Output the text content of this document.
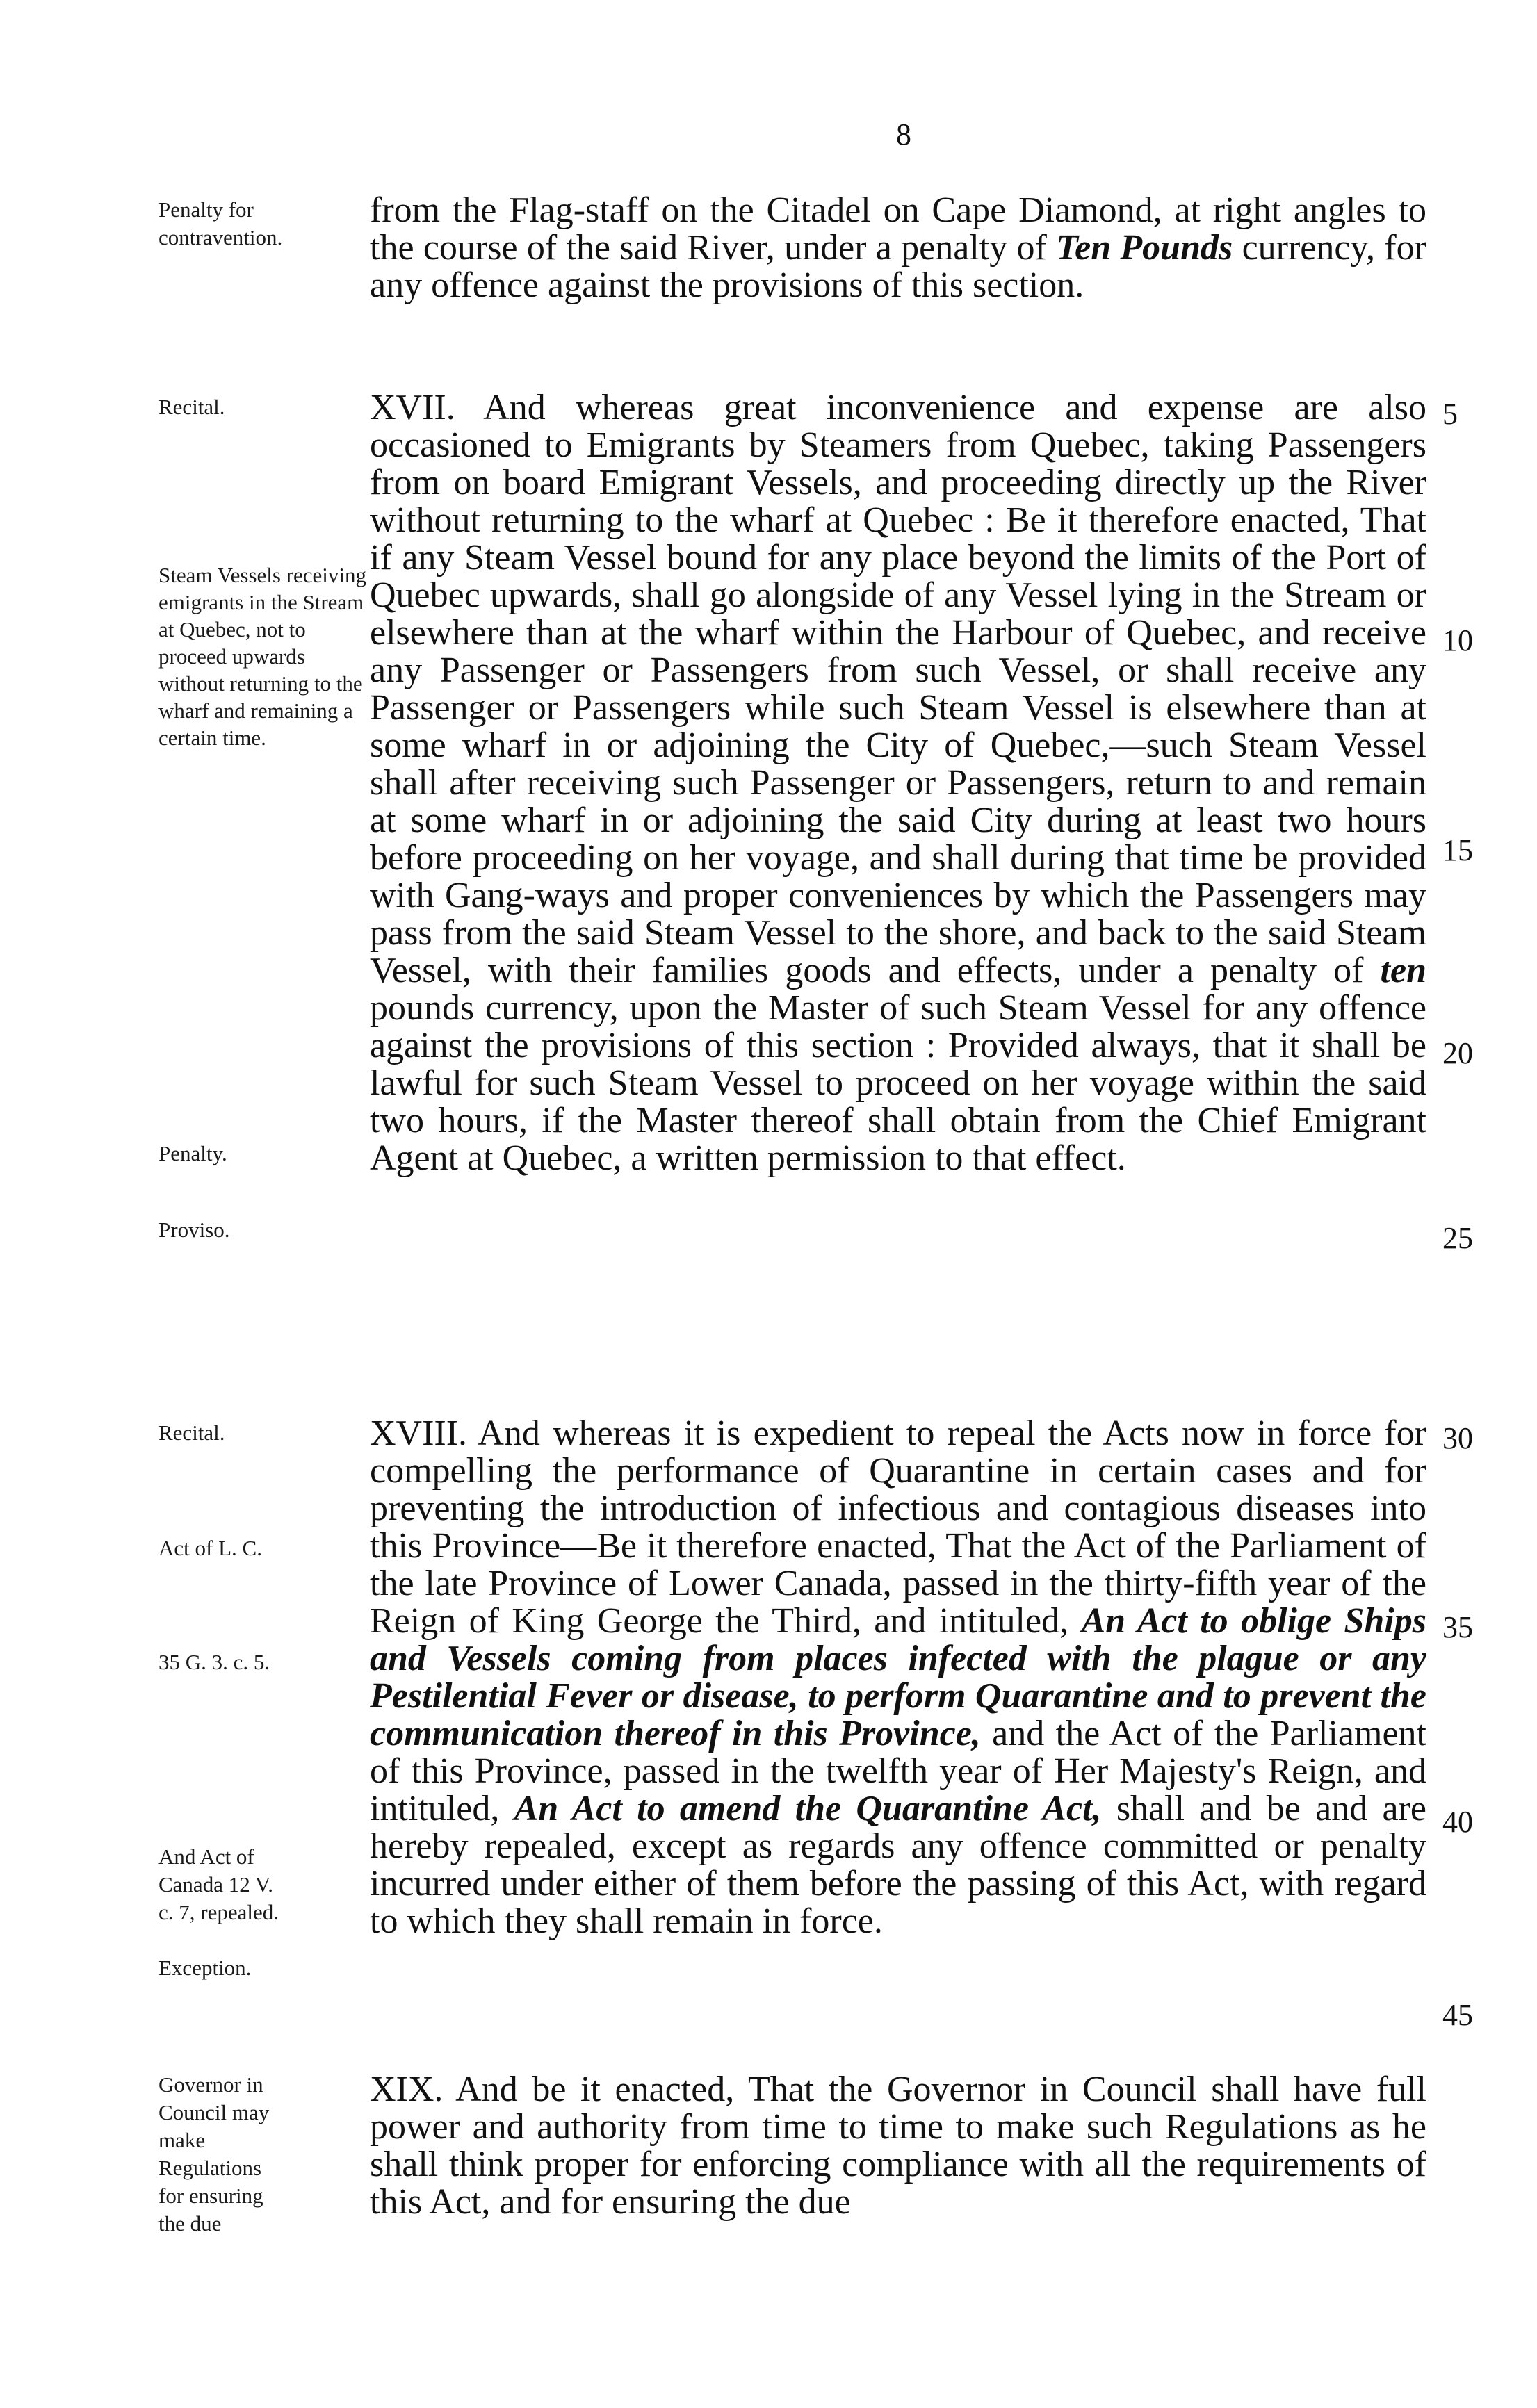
8
Penalty for contravention.
Recital.
Steam Vessels receiving emigrants in the Stream at Quebec, not to proceed upwards without returning to the wharf and remaining a certain time.
Penalty.
Proviso.
Recital.
Act of L. C.
35 G. 3. c. 5.
And Act of Canada 12 V. c. 7, repealed.
Exception.
Governor in Council may make Regulations for ensuring the due

from the Flag-staff on the Citadel on Cape Diamond, at right angles to the course of the said River, under a penalty of Ten Pounds currency, for any offence against the provisions of this section.

XVII. And whereas great inconvenience and expense are also occasioned to Emigrants by Steamers from Quebec, taking Passengers from on board Emigrant Vessels, and proceeding directly up the River without returning to the wharf at Quebec : Be it therefore enacted, That if any Steam Vessel bound for any place beyond the limits of the Port of Quebec upwards, shall go alongside of any Vessel lying in the Stream or elsewhere than at the wharf within the Harbour of Quebec, and receive any Passenger or Passengers from such Vessel, or shall receive any Passenger or Passengers while such Steam Vessel is elsewhere than at some wharf in or adjoining the City of Quebec,—such Steam Vessel shall after receiving such Passenger or Passengers, return to and remain at some wharf in or adjoining the said City during at least two hours before proceeding on her voyage, and shall during that time be provided with Gang-ways and proper conveniences by which the Passengers may pass from the said Steam Vessel to the shore, and back to the said Steam Vessel, with their families goods and effects, under a penalty of ten pounds currency, upon the Master of such Steam Vessel for any offence against the provisions of this section : Provided always, that it shall be lawful for such Steam Vessel to proceed on her voyage within the said two hours, if the Master thereof shall obtain from the Chief Emigrant Agent at Quebec, a written permission to that effect.

XVIII. And whereas it is expedient to repeal the Acts now in force for compelling the performance of Quarantine in certain cases and for preventing the introduction of infectious and contagious diseases into this Province—Be it therefore enacted, That the Act of the Parliament of the late Province of Lower Canada, passed in the thirty-fifth year of the Reign of King George the Third, and intituled, An Act to oblige Ships and Vessels coming from places infected with the plague or any Pestilential Fever or disease, to perform Quarantine and to prevent the communication thereof in this Province, and the Act of the Parliament of this Province, passed in the twelfth year of Her Majesty's Reign, and intituled, An Act to amend the Quarantine Act, shall and be and are hereby repealed, except as regards any offence committed or penalty incurred under either of them before the passing of this Act, with regard to which they shall remain in force.

XIX. And be it enacted, That the Governor in Council shall have full power and authority from time to time to make such Regulations as he shall think proper for enforcing compliance with all the requirements of this Act, and for ensuring the due

5
10
15
20
25
30
35
40
45
